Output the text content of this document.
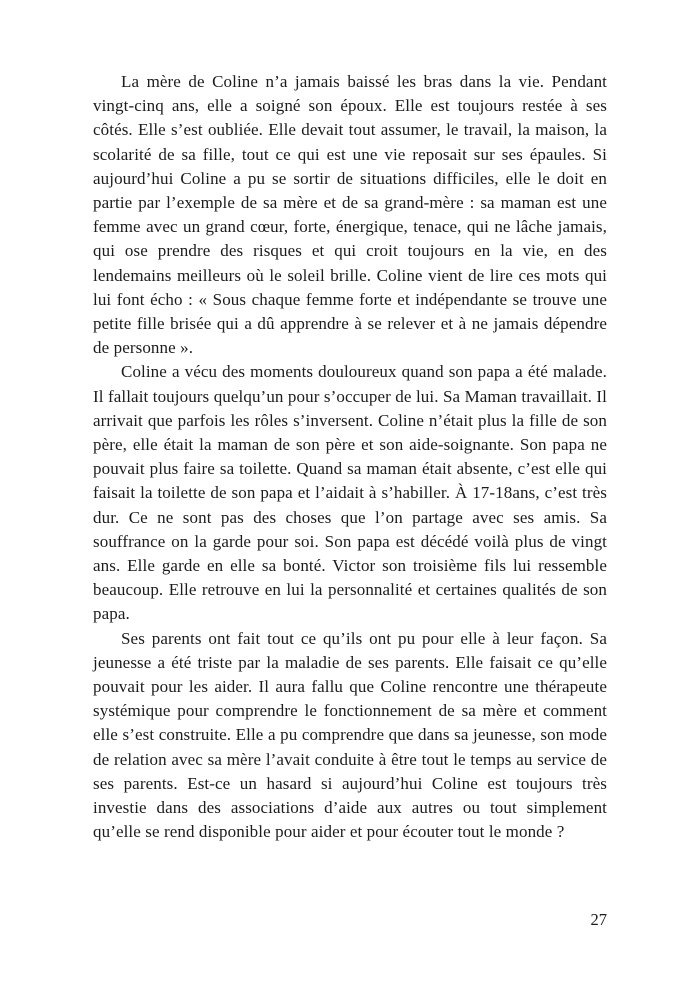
La mère de Coline n’a jamais baissé les bras dans la vie. Pendant vingt-cinq ans, elle a soigné son époux. Elle est toujours restée à ses côtés. Elle s’est oubliée. Elle devait tout assumer, le travail, la maison, la scolarité de sa fille, tout ce qui est une vie reposait sur ses épaules. Si aujourd’hui Coline a pu se sortir de situations difficiles, elle le doit en partie par l’exemple de sa mère et de sa grand-mère : sa maman est une femme avec un grand cœur, forte, énergique, tenace, qui ne lâche jamais, qui ose prendre des risques et qui croit toujours en la vie, en des lendemains meilleurs où le soleil brille. Coline vient de lire ces mots qui lui font écho : « Sous chaque femme forte et indépendante se trouve une petite fille brisée qui a dû apprendre à se relever et à ne jamais dépendre de personne ».

Coline a vécu des moments douloureux quand son papa a été malade. Il fallait toujours quelqu’un pour s’occuper de lui. Sa Maman travaillait. Il arrivait que parfois les rôles s’inversent. Coline n’était plus la fille de son père, elle était la maman de son père et son aide-soignante. Son papa ne pouvait plus faire sa toilette. Quand sa maman était absente, c’est elle qui faisait la toilette de son papa et l’aidait à s’habiller. À 17-18ans, c’est très dur. Ce ne sont pas des choses que l’on partage avec ses amis. Sa souffrance on la garde pour soi. Son papa est décédé voilà plus de vingt ans. Elle garde en elle sa bonté. Victor son troisième fils lui ressemble beaucoup. Elle retrouve en lui la personnalité et certaines qualités de son papa.

Ses parents ont fait tout ce qu’ils ont pu pour elle à leur façon. Sa jeunesse a été triste par la maladie de ses parents. Elle faisait ce qu’elle pouvait pour les aider. Il aura fallu que Coline rencontre une thérapeute systémique pour comprendre le fonctionnement de sa mère et comment elle s’est construite. Elle a pu comprendre que dans sa jeunesse, son mode de relation avec sa mère l’avait conduite à être tout le temps au service de ses parents. Est-ce un hasard si aujourd’hui Coline est toujours très investie dans des associations d’aide aux autres ou tout simplement qu’elle se rend disponible pour aider et pour écouter tout le monde ?

27
